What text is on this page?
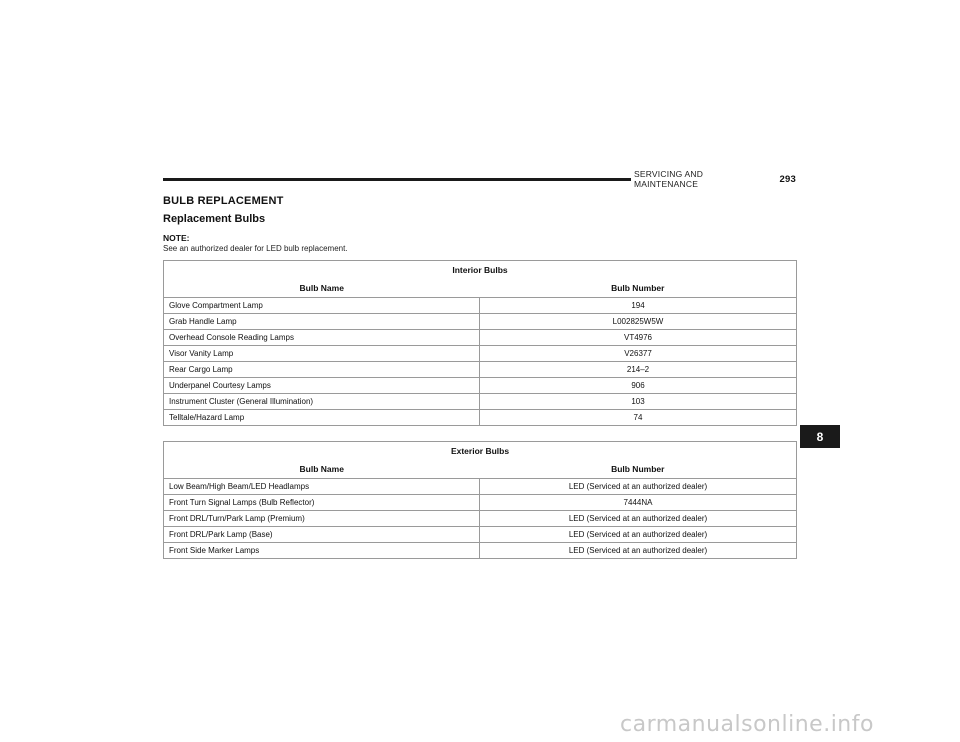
SERVICING AND MAINTENANCE	293
BULB REPLACEMENT
Replacement Bulbs
NOTE:
See an authorized dealer for LED bulb replacement.
Interior Bulbs	
Bulb Name	Bulb Number
Glove Compartment Lamp	194
Grab Handle Lamp	L002825W5W
Overhead Console Reading Lamps	VT4976
Visor Vanity Lamp	V26377
Rear Cargo Lamp	214–2
Underpanel Courtesy Lamps	906
Instrument Cluster (General Illumination)	103
Telltale/Hazard Lamp	74
Exterior Bulbs	
Bulb Name	Bulb Number
Low Beam/High Beam/LED Headlamps	LED (Serviced at an authorized dealer)
Front Turn Signal Lamps (Bulb Reflector)	7444NA
Front DRL/Turn/Park Lamp (Premium)	LED (Serviced at an authorized dealer)
Front DRL/Park Lamp (Base)	LED (Serviced at an authorized dealer)
Front Side Marker Lamps	LED (Serviced at an authorized dealer)
8
carmanualsonline.info
